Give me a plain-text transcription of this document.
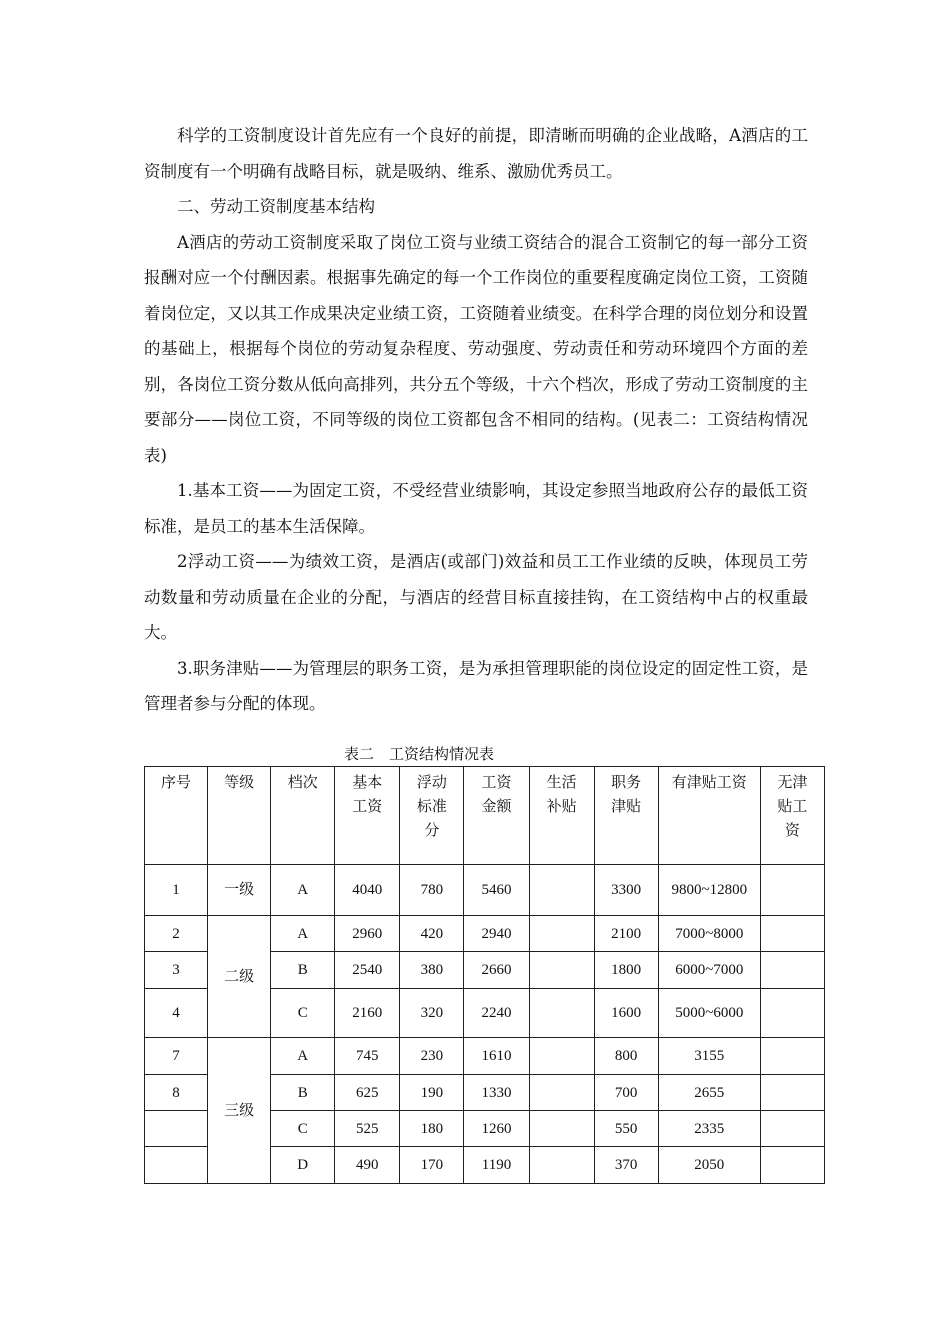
科学的工资制度设计首先应有一个良好的前提，即清晰而明确的企业战略，A酒店的工资制度有一个明确有战略目标，就是吸纳、维系、激励优秀员工。

二、劳动工资制度基本结构

A酒店的劳动工资制度采取了岗位工资与业绩工资结合的混合工资制它的每一部分工资报酬对应一个付酬因素。根据事先确定的每一个工作岗位的重要程度确定岗位工资，工资随着岗位定，又以其工作成果决定业绩工资，工资随着业绩变。在科学合理的岗位划分和设置的基础上，根据每个岗位的劳动复杂程度、劳动强度、劳动责任和劳动环境四个方面的差别，各岗位工资分数从低向高排列，共分五个等级，十六个档次，形成了劳动工资制度的主要部分——岗位工资，不同等级的岗位工资都包含不相同的结构。(见表二：工资结构情况表)

1.基本工资——为固定工资，不受经营业绩影响，其设定参照当地政府公存的最低工资标准，是员工的基本生活保障。

2浮动工资——为绩效工资，是酒店(或部门)效益和员工工作业绩的反映，体现员工劳动数量和劳动质量在企业的分配，与酒店的经营目标直接挂钩，在工资结构中占的权重最大。

3.职务津贴——为管理层的职务工资，是为承担管理职能的岗位设定的固定性工资，是管理者参与分配的体现。

表二　工资结构情况表
序号	等级	档次	基本工资	浮动标准分	工资金额	生活补贴	职务津贴	有津贴工资	无津贴工资
1	一级	A	4040	780	5460		3300	9800~12800	
2	二级	A	2960	420	2940		2100	7000~8000	
3		B	2540	380	2660		1800	6000~7000	
4		C	2160	320	2240		1600	5000~6000	
7	三级	A	745	230	1610		800	3155	
8		B	625	190	1330		700	2655	
		C	525	180	1260		550	2335	
		D	490	170	1190		370	2050	
